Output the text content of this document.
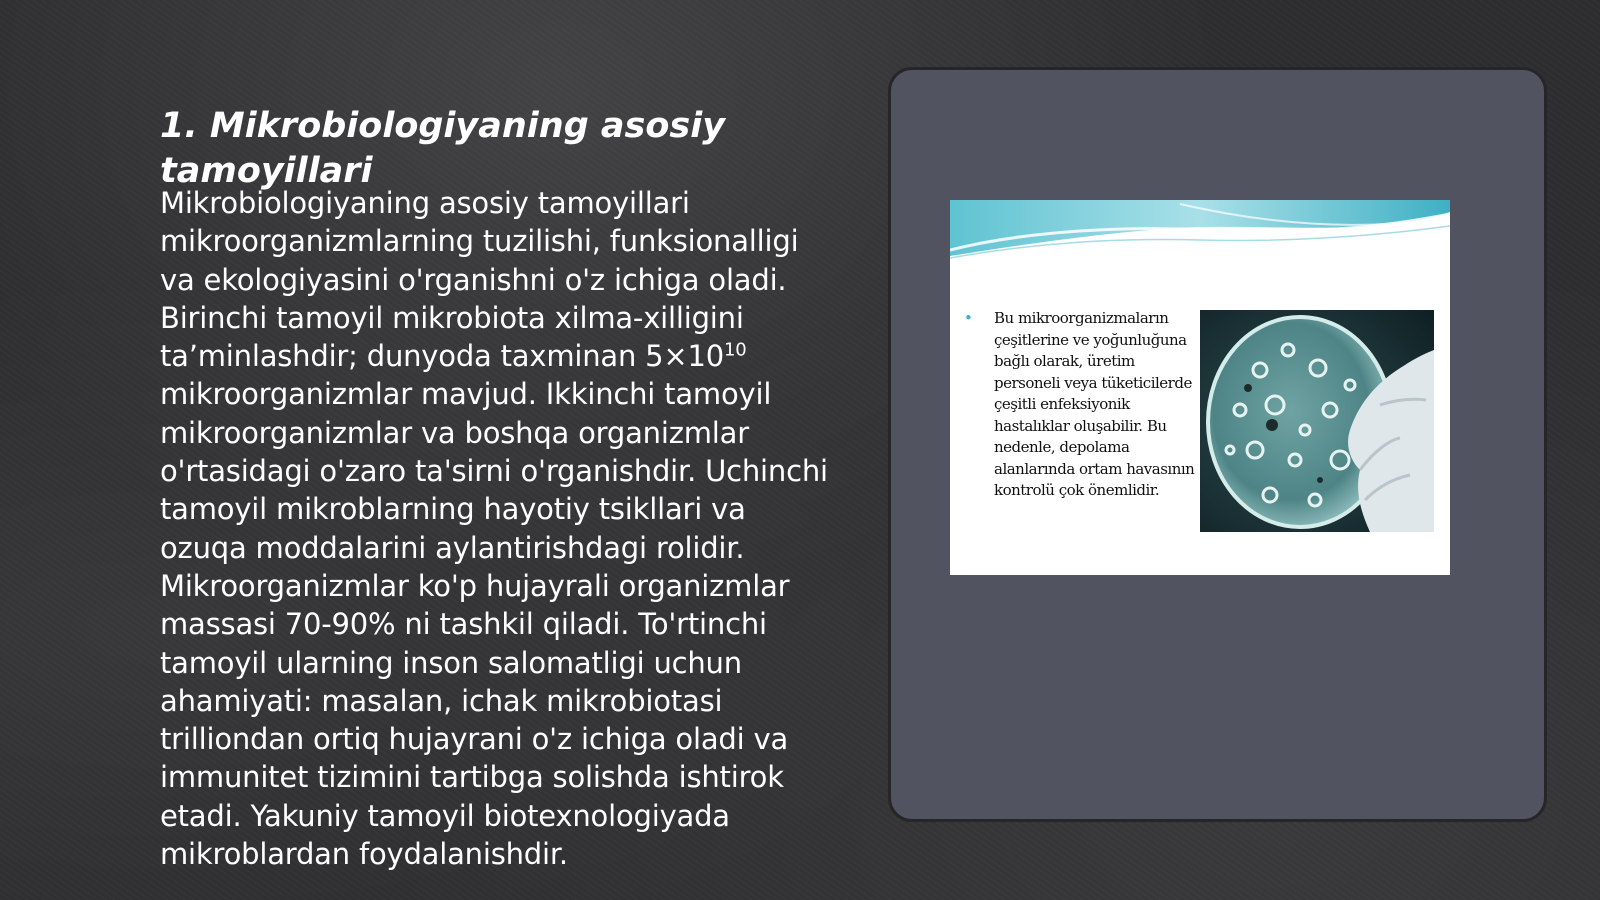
1. Mikrobiologiyaning asosiy tamoyillari

Mikrobiologiyaning asosiy tamoyillari mikroorganizmlarning tuzilishi, funksionalligi va ekologiyasini o'rganishni o'z ichiga oladi. Birinchi tamoyil mikrobiota xilma-xilligini ta’minlashdir; dunyoda taxminan $5\times 10^{10}$ mikroorganizmlar mavjud. Ikkinchi tamoyil mikroorganizmlar va boshqa organizmlar o'rtasidagi o'zaro ta'sirni o'rganishdir. Uchinchi tamoyil mikroblarning hayotiy tsikllari va ozuqa moddalarini aylantirishdagi rolidir. Mikroorganizmlar ko'p hujayrali organizmlar massasi 70-90% ni tashkil qiladi. To'rtinchi tamoyil ularning inson salomatligi uchun ahamiyati: masalan, ichak mikrobiotasi trilliondan ortiq hujayrani o'z ichiga oladi va immunitet tizimini tartibga solishda ishtirok etadi. Yakuniy tamoyil biotexnologiyada mikroblardan foydalanishdir.

•	Bu mikroorganizmaların çeşitlerine ve yoğunluğuna bağlı olarak, üretim personeli veya tüketicilerde çeşitli enfeksiyonik hastalıklar oluşabilir. Bu nedenle, depolama alanlarında ortam havasının kontrolü çok önemlidir.
